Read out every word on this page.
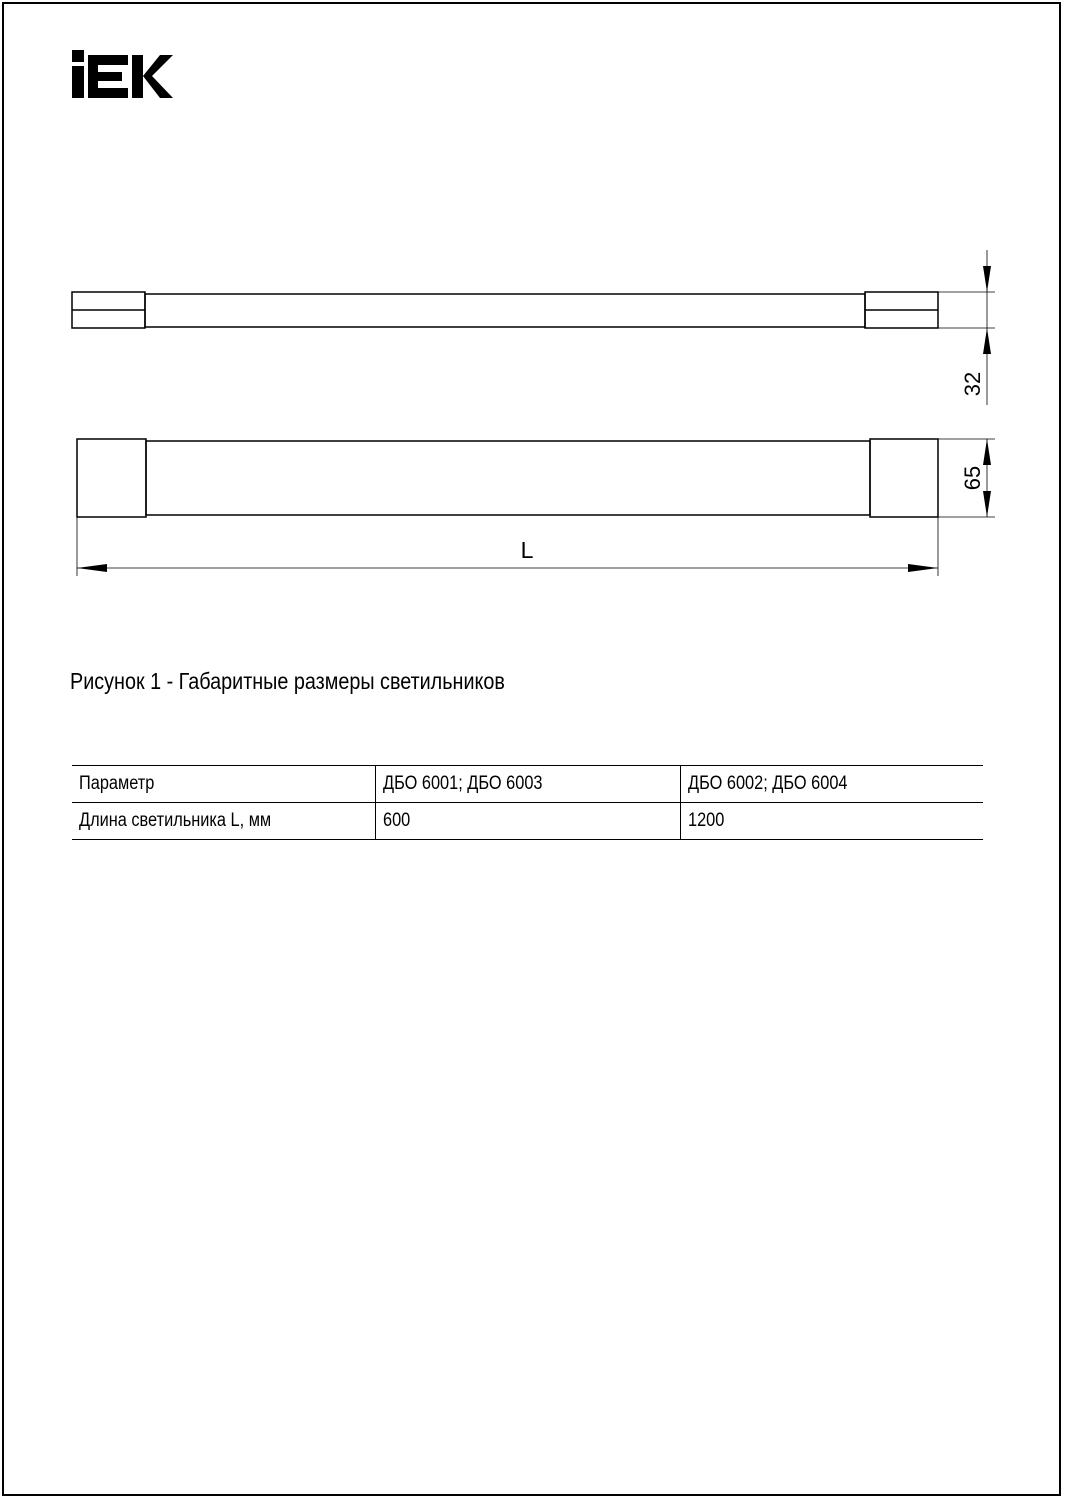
32
65
L
Рисунок 1 - Габаритные размеры светильников
Параметр	ДБО 6001; ДБО 6003	ДБО 6002; ДБО 6004
Длина светильника L, мм	600	1200
